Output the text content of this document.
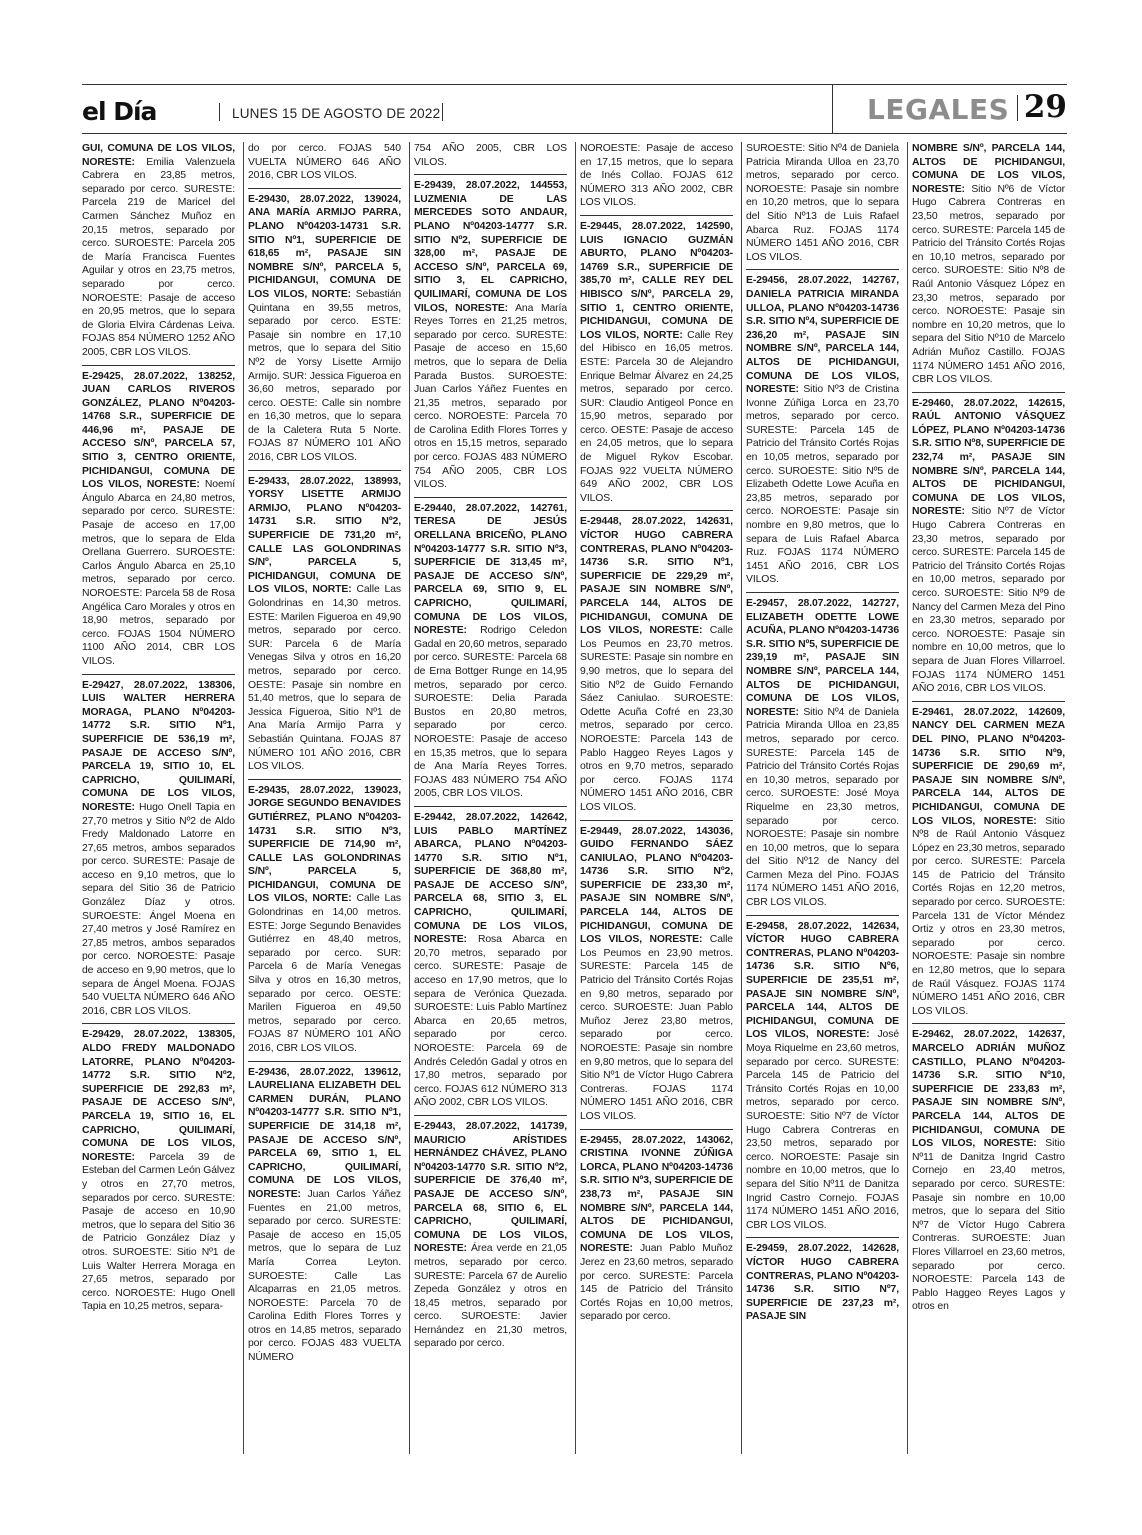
el Día	LUNES 15 DE AGOSTO DE 2022	LEGALES 29

GUI, COMUNA DE LOS VILOS, NORESTE: Emilia Valenzuela Cabrera en 23,85 metros, separado por cerco. SURESTE: Parcela 219 de Maricel del Carmen Sánchez Muñoz en 20,15 metros, separado por cerco. SUROESTE: Parcela 205 de María Francisca Fuentes Aguilar y otros en 23,75 metros, separado por cerco. NOROESTE: Pasaje de acceso en 20,95 metros, que lo separa de Gloria Elvira Cárdenas Leiva. FOJAS 854 NÚMERO 1252 AÑO 2005, CBR LOS VILOS.

E-29425, 28.07.2022, 138252, JUAN CARLOS RIVEROS GONZÁLEZ, PLANO Nº04203-14768 S.R., SUPERFICIE DE 446,96 m², PASAJE DE ACCESO S/Nº, PARCELA 57, SITIO 3, CENTRO ORIENTE, PICHIDANGUI, COMUNA DE LOS VILOS, NORESTE: Noemí Ángulo Abarca en 24,80 metros, separado por cerco. SURESTE: Pasaje de acceso en 17,00 metros, que lo separa de Elda Orellana Guerrero. SUROESTE: Carlos Ángulo Abarca en 25,10 metros, separado por cerco. NOROESTE: Parcela 58 de Rosa Angélica Caro Morales y otros en 18,90 metros, separado por cerco. FOJAS 1504 NÚMERO 1100 AÑO 2014, CBR LOS VILOS.

E-29427, 28.07.2022, 138306, LUIS WALTER HERRERA MORAGA, PLANO Nº04203-14772 S.R. SITIO Nº1, SUPERFICIE DE 536,19 m², PASAJE DE ACCESO S/Nº, PARCELA 19, SITIO 10, EL CAPRICHO, QUILIMARÍ, COMUNA DE LOS VILOS, NORESTE: Hugo Onell Tapia en 27,70 metros y Sitio Nº2 de Aldo Fredy Maldonado Latorre en 27,65 metros, ambos separados por cerco. SURESTE: Pasaje de acceso en 9,10 metros, que lo separa del Sitio 36 de Patricio González Díaz y otros. SUROESTE: Ángel Moena en 27,40 metros y José Ramírez en 27,85 metros, ambos separados por cerco. NOROESTE: Pasaje de acceso en 9,90 metros, que lo separa de Ángel Moena. FOJAS 540 VUELTA NÚMERO 646 AÑO 2016, CBR LOS VILOS.

E-29429, 28.07.2022, 138305, ALDO FREDY MALDONADO LATORRE, PLANO Nº04203-14772 S.R. SITIO Nº2, SUPERFICIE DE 292,83 m², PASAJE DE ACCESO S/Nº, PARCELA 19, SITIO 16, EL CAPRICHO, QUILIMARÍ, COMUNA DE LOS VILOS, NORESTE: Parcela 39 de Esteban del Carmen León Gálvez y otros en 27,70 metros, separados por cerco. SURESTE: Pasaje de acceso en 10,90 metros, que lo separa del Sitio 36 de Patricio González Díaz y otros. SUROESTE: Sitio Nº1 de Luis Walter Herrera Moraga en 27,65 metros, separado por cerco. NOROESTE: Hugo Onell Tapia en 10,25 metros, separa-

do por cerco. FOJAS 540 VUELTA NÚMERO 646 AÑO 2016, CBR LOS VILOS.

E-29430, 28.07.2022, 139024, ANA MARÍA ARMIJO PARRA, PLANO Nº04203-14731 S.R. SITIO Nº1, SUPERFICIE DE 618,65 m², PASAJE SIN NOMBRE S/Nº, PARCELA 5, PICHIDANGUI, COMUNA DE LOS VILOS, NORTE: Sebastián Quintana en 39,55 metros, separado por cerco. ESTE: Pasaje sin nombre en 17,10 metros, que lo separa del Sitio Nº2 de Yorsy Lisette Armijo Armijo. SUR: Jessica Figueroa en 36,60 metros, separado por cerco. OESTE: Calle sin nombre en 16,30 metros, que lo separa de la Caletera Ruta 5 Norte. FOJAS 87 NÚMERO 101 AÑO 2016, CBR LOS VILOS.

E-29433, 28.07.2022, 138993, YORSY LISETTE ARMIJO ARMIJO, PLANO Nº04203-14731 S.R. SITIO Nº2, SUPERFICIE DE 731,20 m², CALLE LAS GOLONDRINAS S/Nº, PARCELA 5, PICHIDANGUI, COMUNA DE LOS VILOS, NORTE: Calle Las Golondrinas en 14,30 metros. ESTE: Marilen Figueroa en 49,90 metros, separado por cerco. SUR: Parcela 6 de María Venegas Silva y otros en 16,20 metros, separado por cerco. OESTE: Pasaje sin nombre en 51,40 metros, que lo separa de Jessica Figueroa, Sitio Nº1 de Ana María Armijo Parra y Sebastián Quintana. FOJAS 87 NÚMERO 101 AÑO 2016, CBR LOS VILOS.

E-29435, 28.07.2022, 139023, JORGE SEGUNDO BENAVIDES GUTIÉRREZ, PLANO Nº04203-14731 S.R. SITIO Nº3, SUPERFICIE DE 714,90 m², CALLE LAS GOLONDRINAS S/Nº, PARCELA 5, PICHIDANGUI, COMUNA DE LOS VILOS, NORTE: Calle Las Golondrinas en 14,00 metros. ESTE: Jorge Segundo Benavides Gutiérrez en 48,40 metros, separado por cerco. SUR: Parcela 6 de María Venegas Silva y otros en 16,30 metros, separado por cerco. OESTE: Marilen Figueroa en 49,50 metros, separado por cerco. FOJAS 87 NÚMERO 101 AÑO 2016, CBR LOS VILOS.

E-29436, 28.07.2022, 139612, LAURELIANA ELIZABETH DEL CARMEN DURÁN, PLANO Nº04203-14777 S.R. SITIO Nº1, SUPERFICIE DE 314,18 m², PASAJE DE ACCESO S/Nº, PARCELA 69, SITIO 1, EL CAPRICHO, QUILIMARÍ, COMUNA DE LOS VILOS, NORESTE: Juan Carlos Yáñez Fuentes en 21,00 metros, separado por cerco. SURESTE: Pasaje de acceso en 15,05 metros, que lo separa de Luz María Correa Leyton. SUROESTE: Calle Las Alcaparras en 21,05 metros. NOROESTE: Parcela 70 de Carolina Edith Flores Torres y otros en 14,85 metros, separado por cerco. FOJAS 483 VUELTA NÚMERO

754 AÑO 2005, CBR LOS VILOS.

E-29439, 28.07.2022, 144553, LUZMENIA DE LAS MERCEDES SOTO ANDAUR, PLANO Nº04203-14777 S.R. SITIO Nº2, SUPERFICIE DE 328,00 m², PASAJE DE ACCESO S/Nº, PARCELA 69, SITIO 3, EL CAPRICHO, QUILIMARÍ, COMUNA DE LOS VILOS, NORESTE: Ana María Reyes Torres en 21,25 metros, separado por cerco. SURESTE: Pasaje de acceso en 15,60 metros, que lo separa de Delia Parada Bustos. SUROESTE: Juan Carlos Yáñez Fuentes en 21,35 metros, separado por cerco. NOROESTE: Parcela 70 de Carolina Edith Flores Torres y otros en 15,15 metros, separado por cerco. FOJAS 483 NÚMERO 754 AÑO 2005, CBR LOS VILOS.

E-29440, 28.07.2022, 142761, TERESA DE JESÚS ORELLANA BRICEÑO, PLANO Nº04203-14777 S.R. SITIO Nº3, SUPERFICIE DE 313,45 m², PASAJE DE ACCESO S/Nº, PARCELA 69, SITIO 9, EL CAPRICHO, QUILIMARÍ, COMUNA DE LOS VILOS, NORESTE: Rodrigo Celedon Gadal en 20,60 metros, separado por cerco. SURESTE: Parcela 68 de Erna Bottger Runge en 14,95 metros, separado por cerco. SUROESTE: Delia Parada Bustos en 20,80 metros, separado por cerco. NOROESTE: Pasaje de acceso en 15,35 metros, que lo separa de Ana María Reyes Torres. FOJAS 483 NÚMERO 754 AÑO 2005, CBR LOS VILOS.

E-29442, 28.07.2022, 142642, LUIS PABLO MARTÍNEZ ABARCA, PLANO Nº04203-14770 S.R. SITIO Nº1, SUPERFICIE DE 368,80 m², PASAJE DE ACCESO S/Nº, PARCELA 68, SITIO 3, EL CAPRICHO, QUILIMARÍ, COMUNA DE LOS VILOS, NORESTE: Rosa Abarca en 20,70 metros, separado por cerco. SURESTE: Pasaje de acceso en 17,90 metros, que lo separa de Verónica Quezada. SUROESTE: Luis Pablo Martínez Abarca en 20,65 metros, separado por cerco. NOROESTE: Parcela 69 de Andrés Celedón Gadal y otros en 17,80 metros, separado por cerco. FOJAS 612 NÚMERO 313 AÑO 2002, CBR LOS VILOS.

E-29443, 28.07.2022, 141739, MAURICIO ARÍSTIDES HERNÁNDEZ CHÁVEZ, PLANO Nº04203-14770 S.R. SITIO Nº2, SUPERFICIE DE 376,40 m², PASAJE DE ACCESO S/Nº, PARCELA 68, SITIO 6, EL CAPRICHO, QUILIMARÍ, COMUNA DE LOS VILOS, NORESTE: Área verde en 21,05 metros, separado por cerco. SURESTE: Parcela 67 de Aurelio Zepeda González y otros en 18,45 metros, separado por cerco. SUROESTE: Javier Hernández en 21,30 metros, separado por cerco.

NOROESTE: Pasaje de acceso en 17,15 metros, que lo separa de Inés Collao. FOJAS 612 NÚMERO 313 AÑO 2002, CBR LOS VILOS.

E-29445, 28.07.2022, 142590, LUIS IGNACIO GUZMÁN ABURTO, PLANO Nº04203-14769 S.R., SUPERFICIE DE 385,70 m², CALLE REY DEL HIBISCO S/Nº, PARCELA 29, SITIO 1, CENTRO ORIENTE, PICHIDANGUI, COMUNA DE LOS VILOS, NORTE: Calle Rey del Hibisco en 16,05 metros. ESTE: Parcela 30 de Alejandro Enrique Belmar Álvarez en 24,25 metros, separado por cerco. SUR: Claudio Antigeol Ponce en 15,90 metros, separado por cerco. OESTE: Pasaje de acceso en 24,05 metros, que lo separa de Miguel Rykov Escobar. FOJAS 922 VUELTA NÚMERO 649 AÑO 2002, CBR LOS VILOS.

E-29448, 28.07.2022, 142631, VÍCTOR HUGO CABRERA CONTRERAS, PLANO Nº04203-14736 S.R. SITIO Nº1, SUPERFICIE DE 229,29 m², PASAJE SIN NOMBRE S/Nº, PARCELA 144, ALTOS DE PICHIDANGUI, COMUNA DE LOS VILOS, NORESTE: Calle Los Peumos en 23,70 metros. SURESTE: Pasaje sin nombre en 9,90 metros, que lo separa del Sitio Nº2 de Guido Fernando Sáez Caniulao. SUROESTE: Odette Acuña Cofré en 23,30 metros, separado por cerco. NOROESTE: Parcela 143 de Pablo Haggeo Reyes Lagos y otros en 9,70 metros, separado por cerco. FOJAS 1174 NÚMERO 1451 AÑO 2016, CBR LOS VILOS.

E-29449, 28.07.2022, 143036, GUIDO FERNANDO SÁEZ CANIULAO, PLANO Nº04203-14736 S.R. SITIO Nº2, SUPERFICIE DE 233,30 m², PASAJE SIN NOMBRE S/Nº, PARCELA 144, ALTOS DE PICHIDANGUI, COMUNA DE LOS VILOS, NORESTE: Calle Los Peumos en 23,90 metros. SURESTE: Parcela 145 de Patricio del Tránsito Cortés Rojas en 9,80 metros, separado por cerco. SUROESTE: Juan Pablo Muñoz Jerez 23,80 metros, separado por cerco. NOROESTE: Pasaje sin nombre en 9,80 metros, que lo separa del Sitio Nº1 de Víctor Hugo Cabrera Contreras. FOJAS 1174 NÚMERO 1451 AÑO 2016, CBR LOS VILOS.

E-29455, 28.07.2022, 143062, CRISTINA IVONNE ZÚÑIGA LORCA, PLANO Nº04203-14736 S.R. SITIO Nº3, SUPERFICIE DE 238,73 m², PASAJE SIN NOMBRE S/Nº, PARCELA 144, ALTOS DE PICHIDANGUI, COMUNA DE LOS VILOS, NORESTE: Juan Pablo Muñoz Jerez en 23,60 metros, separado por cerco. SURESTE: Parcela 145 de Patricio del Tránsito Cortés Rojas en 10,00 metros, separado por cerco.

SUROESTE: Sitio Nº4 de Daniela Patricia Miranda Ulloa en 23,70 metros, separado por cerco. NOROESTE: Pasaje sin nombre en 10,20 metros, que lo separa del Sitio Nº13 de Luis Rafael Abarca Ruz. FOJAS 1174 NÚMERO 1451 AÑO 2016, CBR LOS VILOS.

E-29456, 28.07.2022, 142767, DANIELA PATRICIA MIRANDA ULLOA, PLANO Nº04203-14736 S.R. SITIO Nº4, SUPERFICIE DE 236,20 m², PASAJE SIN NOMBRE S/Nº, PARCELA 144, ALTOS DE PICHIDANGUI, COMUNA DE LOS VILOS, NORESTE: Sitio Nº3 de Cristina Ivonne Zúñiga Lorca en 23,70 metros, separado por cerco. SURESTE: Parcela 145 de Patricio del Tránsito Cortés Rojas en 10,05 metros, separado por cerco. SUROESTE: Sitio Nº5 de Elizabeth Odette Lowe Acuña en 23,85 metros, separado por cerco. NOROESTE: Pasaje sin nombre en 9,80 metros, que lo separa de Luis Rafael Abarca Ruz. FOJAS 1174 NÚMERO 1451 AÑO 2016, CBR LOS VILOS.

E-29457, 28.07.2022, 142727, ELIZABETH ODETTE LOWE ACUÑA, PLANO Nº04203-14736 S.R. SITIO Nº5, SUPERFICIE DE 239,19 m², PASAJE SIN NOMBRE S/Nº, PARCELA 144, ALTOS DE PICHIDANGUI, COMUNA DE LOS VILOS, NORESTE: Sitio Nº4 de Daniela Patricia Miranda Ulloa en 23,85 metros, separado por cerco. SURESTE: Parcela 145 de Patricio del Tránsito Cortés Rojas en 10,30 metros, separado por cerco. SUROESTE: José Moya Riquelme en 23,30 metros, separado por cerco. NOROESTE: Pasaje sin nombre en 10,00 metros, que lo separa del Sitio Nº12 de Nancy del Carmen Meza del Pino. FOJAS 1174 NÚMERO 1451 AÑO 2016, CBR LOS VILOS.

E-29458, 28.07.2022, 142634, VÍCTOR HUGO CABRERA CONTRERAS, PLANO Nº04203-14736 S.R. SITIO Nº6, SUPERFICIE DE 235,51 m², PASAJE SIN NOMBRE S/Nº, PARCELA 144, ALTOS DE PICHIDANGUI, COMUNA DE LOS VILOS, NORESTE: José Moya Riquelme en 23,60 metros, separado por cerco. SURESTE: Parcela 145 de Patricio del Tránsito Cortés Rojas en 10,00 metros, separado por cerco. SUROESTE: Sitio Nº7 de Víctor Hugo Cabrera Contreras en 23,50 metros, separado por cerco. NOROESTE: Pasaje sin nombre en 10,00 metros, que lo separa del Sitio Nº11 de Danitza Ingrid Castro Cornejo. FOJAS 1174 NÚMERO 1451 AÑO 2016, CBR LOS VILOS.

E-29459, 28.07.2022, 142628, VÍCTOR HUGO CABRERA CONTRERAS, PLANO Nº04203-14736 S.R. SITIO Nº7, SUPERFICIE DE 237,23 m², PASAJE SIN

NOMBRE S/Nº, PARCELA 144, ALTOS DE PICHIDANGUI, COMUNA DE LOS VILOS, NORESTE: Sitio Nº6 de Víctor Hugo Cabrera Contreras en 23,50 metros, separado por cerco. SURESTE: Parcela 145 de Patricio del Tránsito Cortés Rojas en 10,10 metros, separado por cerco. SUROESTE: Sitio Nº8 de Raúl Antonio Vásquez López en 23,30 metros, separado por cerco. NOROESTE: Pasaje sin nombre en 10,20 metros, que lo separa del Sitio Nº10 de Marcelo Adrián Muñoz Castillo. FOJAS 1174 NÚMERO 1451 AÑO 2016, CBR LOS VILOS.

E-29460, 28.07.2022, 142615, RAÚL ANTONIO VÁSQUEZ LÓPEZ, PLANO Nº04203-14736 S.R. SITIO Nº8, SUPERFICIE DE 232,74 m², PASAJE SIN NOMBRE S/Nº, PARCELA 144, ALTOS DE PICHIDANGUI, COMUNA DE LOS VILOS, NORESTE: Sitio Nº7 de Víctor Hugo Cabrera Contreras en 23,30 metros, separado por cerco. SURESTE: Parcela 145 de Patricio del Tránsito Cortés Rojas en 10,00 metros, separado por cerco. SUROESTE: Sitio Nº9 de Nancy del Carmen Meza del Pino en 23,30 metros, separado por cerco. NOROESTE: Pasaje sin nombre en 10,00 metros, que lo separa de Juan Flores Villarroel. FOJAS 1174 NÚMERO 1451 AÑO 2016, CBR LOS VILOS.

E-29461, 28.07.2022, 142609, NANCY DEL CARMEN MEZA DEL PINO, PLANO Nº04203-14736 S.R. SITIO Nº9, SUPERFICIE DE 290,69 m², PASAJE SIN NOMBRE S/Nº, PARCELA 144, ALTOS DE PICHIDANGUI, COMUNA DE LOS VILOS, NORESTE: Sitio Nº8 de Raúl Antonio Vásquez López en 23,30 metros, separado por cerco. SURESTE: Parcela 145 de Patricio del Tránsito Cortés Rojas en 12,20 metros, separado por cerco. SUROESTE: Parcela 131 de Víctor Méndez Ortiz y otros en 23,30 metros, separado por cerco. NOROESTE: Pasaje sin nombre en 12,80 metros, que lo separa de Raúl Vásquez. FOJAS 1174 NÚMERO 1451 AÑO 2016, CBR LOS VILOS.

E-29462, 28.07.2022, 142637, MARCELO ADRIÁN MUÑOZ CASTILLO, PLANO Nº04203-14736 S.R. SITIO Nº10, SUPERFICIE DE 233,83 m², PASAJE SIN NOMBRE S/Nº, PARCELA 144, ALTOS DE PICHIDANGUI, COMUNA DE LOS VILOS, NORESTE: Sitio Nº11 de Danitza Ingrid Castro Cornejo en 23,40 metros, separado por cerco. SURESTE: Pasaje sin nombre en 10,00 metros, que lo separa del Sitio Nº7 de Víctor Hugo Cabrera Contreras. SUROESTE: Juan Flores Villarroel en 23,60 metros, separado por cerco. NOROESTE: Parcela 143 de Pablo Haggeo Reyes Lagos y otros en
